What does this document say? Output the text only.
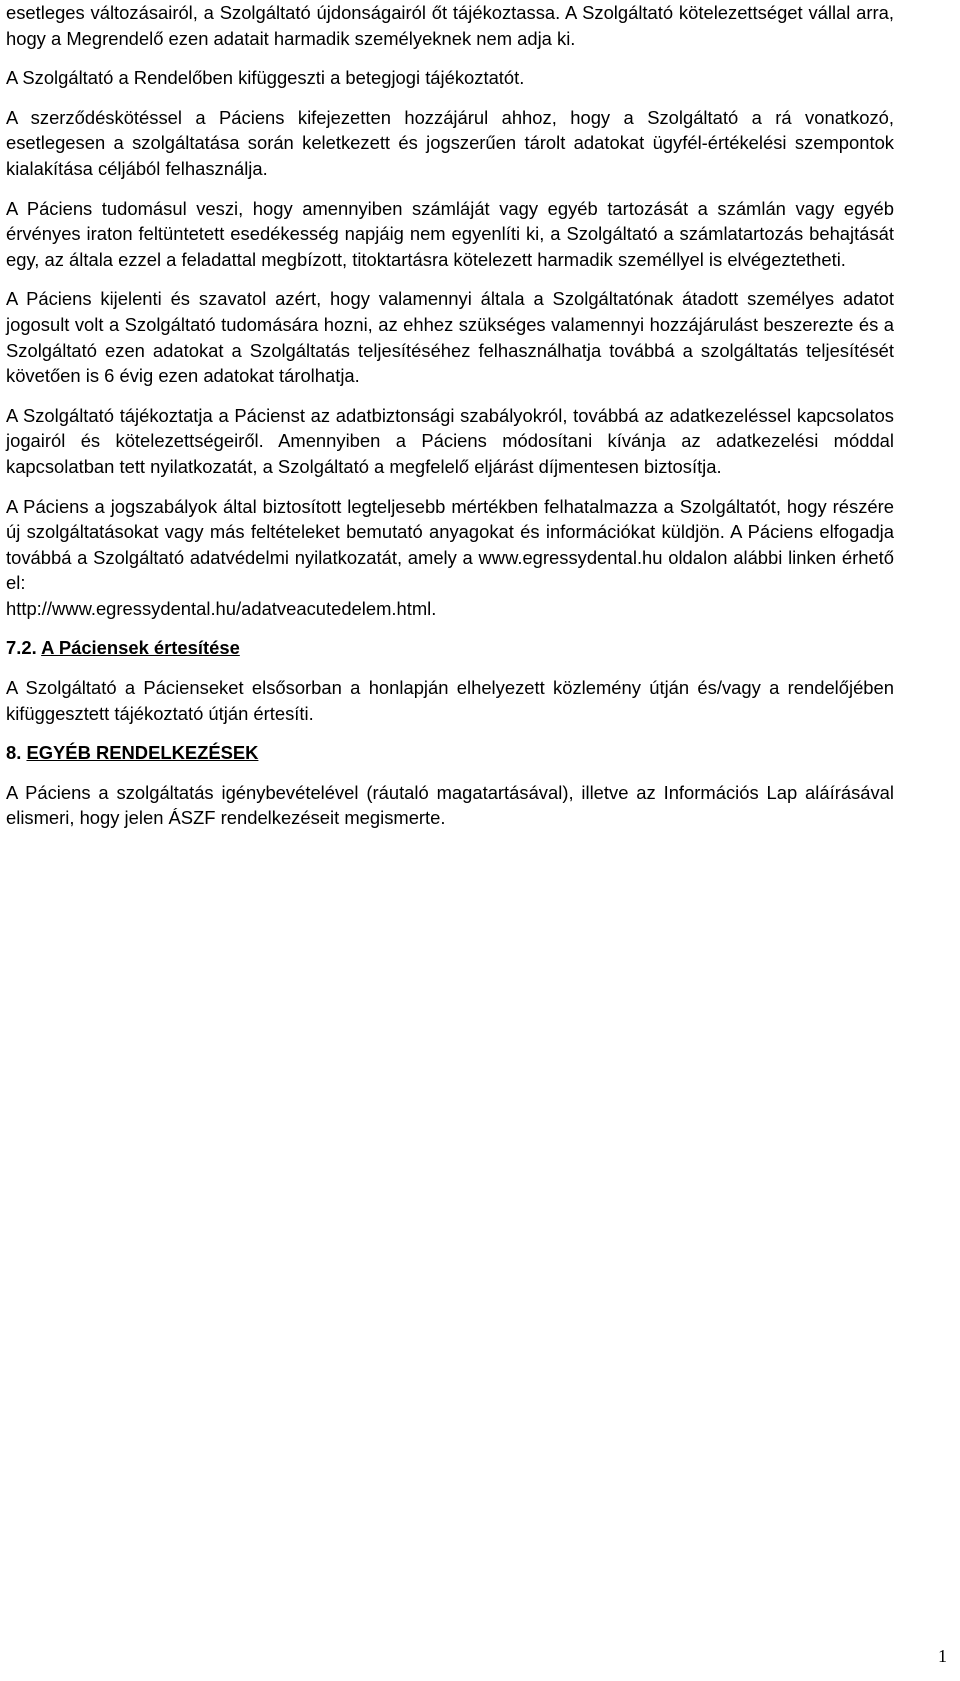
esetleges változásairól, a Szolgáltató újdonságairól őt tájékoztassa. A Szolgáltató kötelezettséget vállal arra, hogy a Megrendelő ezen adatait harmadik személyeknek nem adja ki.

A Szolgáltató a Rendelőben kifüggeszti a betegjogi tájékoztatót.

A szerződéskötéssel a Páciens kifejezetten hozzájárul ahhoz, hogy a Szolgáltató a rá vonatkozó, esetlegesen a szolgáltatása során keletkezett és jogszerűen tárolt adatokat ügyfél-értékelési szempontok kialakítása céljából felhasználja.

A Páciens tudomásul veszi, hogy amennyiben számláját vagy egyéb tartozását a számlán vagy egyéb érvényes iraton feltüntetett esedékesség napjáig nem egyenlíti ki, a Szolgáltató a számlatartozás behajtását egy, az általa ezzel a feladattal megbízott, titoktartásra kötelezett harmadik személlyel is elvégeztetheti.

A Páciens kijelenti és szavatol azért, hogy valamennyi általa a Szolgáltatónak átadott személyes adatot jogosult volt a Szolgáltató tudomására hozni, az ehhez szükséges valamennyi hozzájárulást beszerezte és a Szolgáltató ezen adatokat a Szolgáltatás teljesítéséhez felhasználhatja továbbá a szolgáltatás teljesítését követően is 6 évig ezen adatokat tárolhatja.

A Szolgáltató tájékoztatja a Pácienst az adatbiztonsági szabályokról, továbbá az adatkezeléssel kapcsolatos jogairól és kötelezettségeiről. Amennyiben a Páciens módosítani kívánja az adatkezelési móddal kapcsolatban tett nyilatkozatát, a Szolgáltató a megfelelő eljárást díjmentesen biztosítja.

A Páciens a jogszabályok által biztosított legteljesebb mértékben felhatalmazza a Szolgáltatót, hogy részére új szolgáltatásokat vagy más feltételeket bemutató anyagokat és információkat küldjön. A Páciens elfogadja továbbá a Szolgáltató adatvédelmi nyilatkozatát, amely a www.egressydental.hu oldalon alábbi linken érhető el:

http://www.egressydental.hu/adatveacutedelem.html.

7.2. A Páciensek értesítése

A Szolgáltató a Pácienseket elsősorban a honlapján elhelyezett közlemény útján és/vagy a rendelőjében kifüggesztett tájékoztató útján értesíti.

8. EGYÉB RENDELKEZÉSEK

A Páciens a szolgáltatás igénybevételével (ráutaló magatartásával), illetve az Információs Lap aláírásával elismeri, hogy jelen ÁSZF rendelkezéseit megismerte.

1
